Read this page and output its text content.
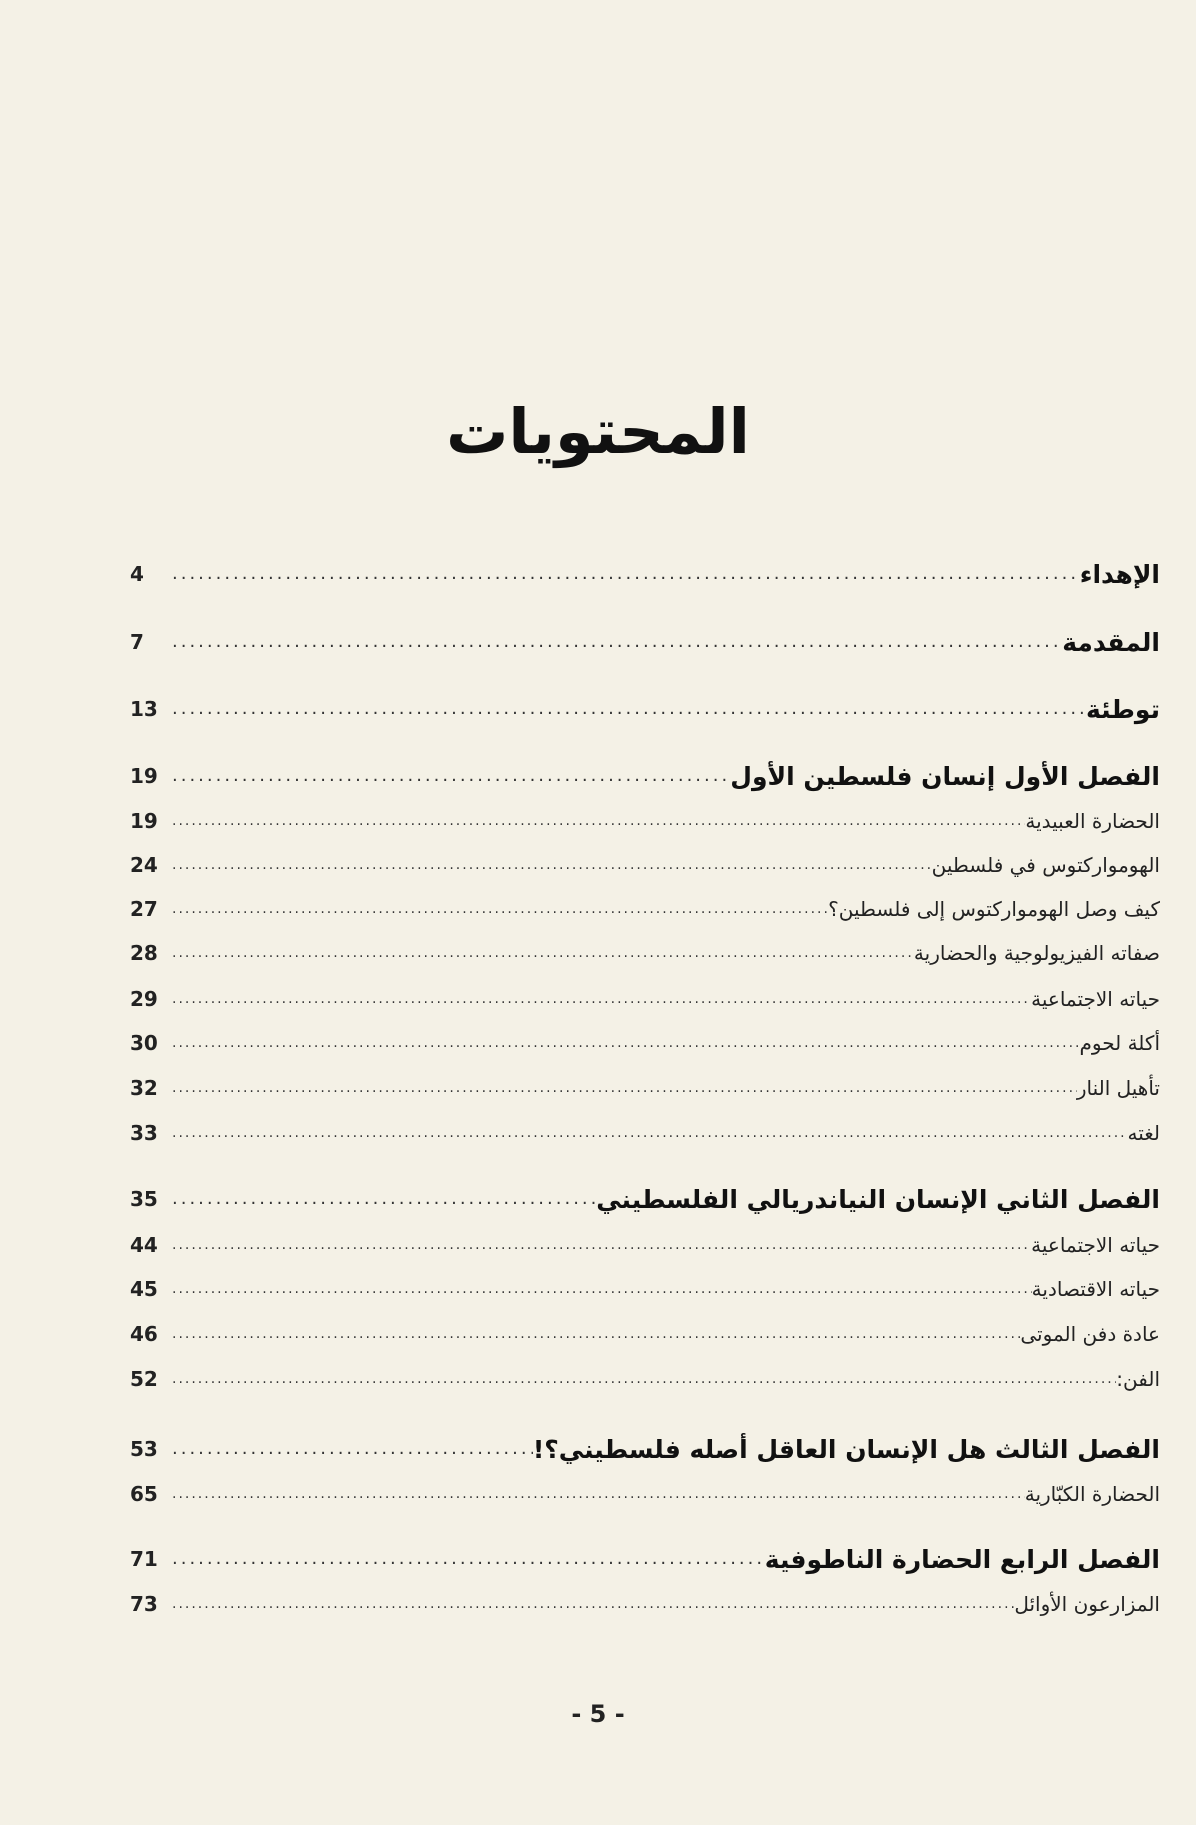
المحتويات
4 .....	الإهداء
7 .....	المقدمة
13 .....	توطئة
19 .....	الفصل الأول إنسان فلسطين الأول
19 .....	الحضارة العبيدية
24 .....	الهومواركتوس في فلسطين
27 .....	كيف وصل الهوموارکتوس إلی فلسطين؟
28 .....	صفاته الفيزيولوجية والحضارية
29 .....	حياته الاجتماعية
30 .....	أكلة لحوم
32 .....	تأهيل النار
33 .....	لغته
35 .....	الفصل الثاني الإنسان النياندريالي الفلسطيني
44 .....	حياته الاجتماعية
45 .....	حياته الاقتصادية
46 .....	عادة دفن الموتى
52 .....	الفن:
53 .....	الفصل الثالث هل الإنسان العاقل أصله فلسطيني؟!
65 .....	الحضارة الكبّارية
71 .....	الفصل الرابع الحضارة الناطوفية
73 .....	المزارعون الأوائل
- 5 -
